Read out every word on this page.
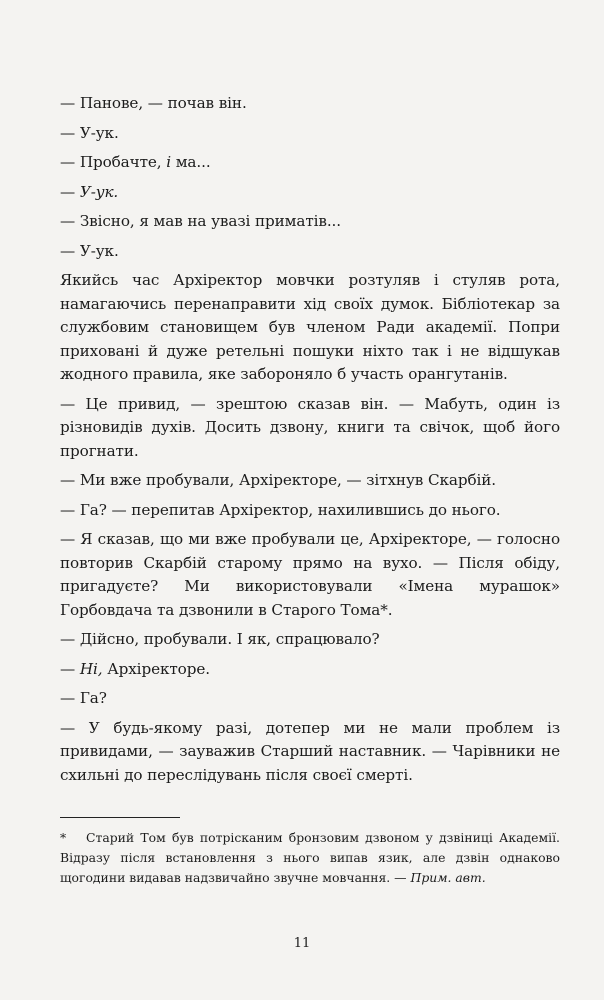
— Панове, — почав він.

— У-ук.

— Пробачте, і ма...

— У-ук.

— Звісно, я мав на увазі приматів...

— У-ук.

Якийсь час Архіректор мовчки розтуляв і стуляв рота, намагаючись перенаправити хід своїх думок. Бібліотекар за службовим становищем був членом Ради академії. Попри приховані й дуже ретельні пошуки ніхто так і не відшукав жодного правила, яке забороняло б участь орангутанів.

— Це привид, — зрештою сказав він. — Мабуть, один із різновидів духів. Досить дзвону, книги та свічок, щоб його прогнати.

— Ми вже пробували, Архіректоре, — зітхнув Скарбій.

— Га? — перепитав Архіректор, нахилившись до нього.

— Я сказав, що ми вже пробували це, Архіректоре, — голосно повторив Скарбій старому прямо на вухо. — Після обіду, пригадуєте? Ми використовували «Імена мурашок» Горбовдача та дзвонили в Старого Тома*.

— Дійсно, пробували. І як, спрацювало?

— Ні, Архіректоре.

— Га?

— У будь-якому разі, дотепер ми не мали проблем із привидами, — зауважив Старший наставник. — Чарівники не схильні до переслідувань після своєї смерті.

* Старий Том був потрісканим бронзовим дзвоном у дзвіниці Академії. Відразу після встановлення з нього випав язик, але дзвін однаково щогодини видавав надзвичайно звучне мовчання. — Прим. авт.
11
